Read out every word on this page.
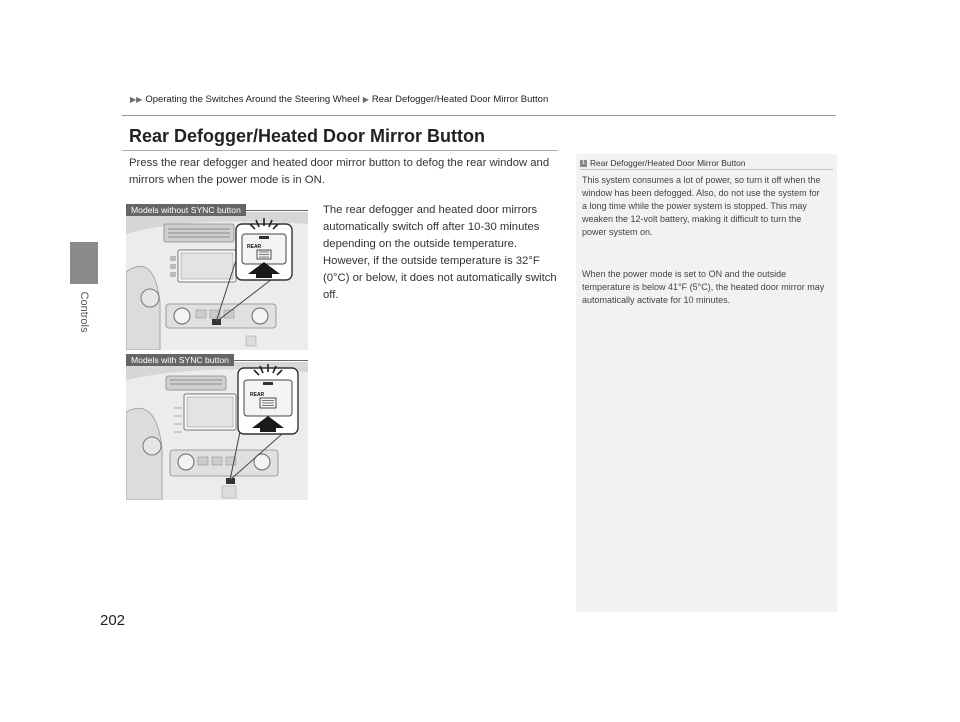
Controls
▶▶ Operating the Switches Around the Steering Wheel ▶ Rear Defogger/Heated Door Mirror Button
Rear Defogger/Heated Door Mirror Button

Press the rear defogger and heated door mirror button to defog the rear window and mirrors when the power mode is in ON.

The rear defogger and heated door mirrors automatically switch off after 10-30 minutes depending on the outside temperature. However, if the outside temperature is 32°F (0°C) or below, it does not automatically switch off.

Models without SYNC button
REAR
Models with SYNC button
REAR
1 Rear Defogger/Heated Door Mirror Button

This system consumes a lot of power, so turn it off when the window has been defogged. Also, do not use the system for a long time while the power system is stopped. This may weaken the 12-volt battery, making it difficult to turn the power system on.

When the power mode is set to ON and the outside temperature is below 41°F (5°C), the heated door mirror may automatically activate for 10 minutes.

202
